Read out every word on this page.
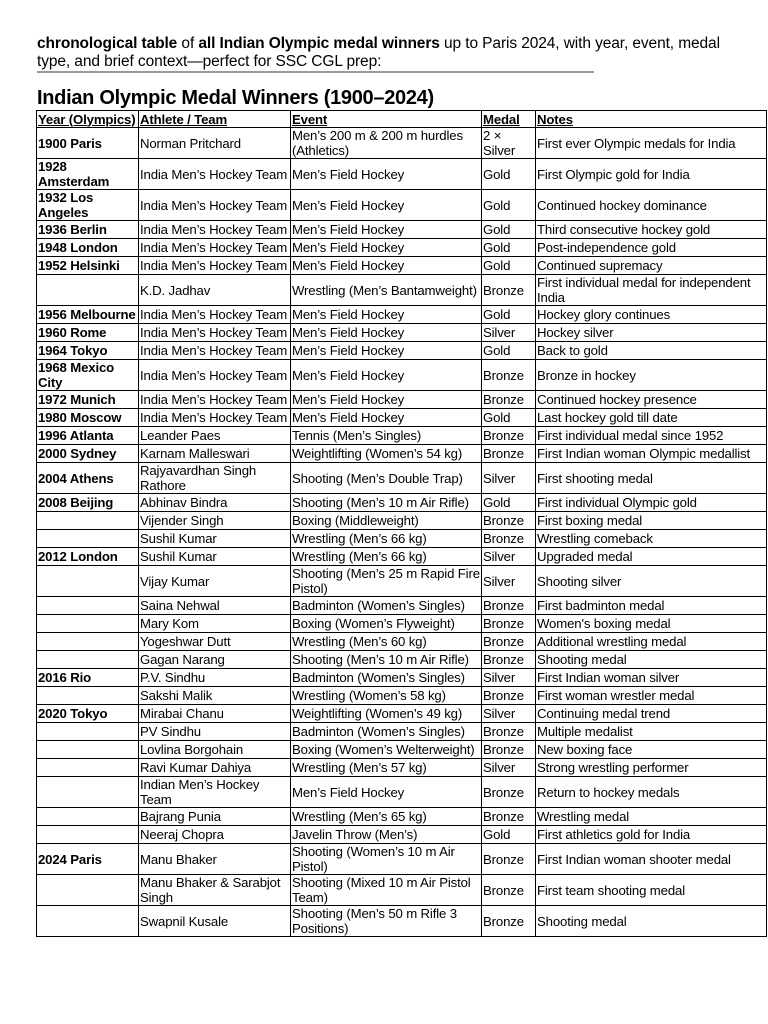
chronological table of all Indian Olympic medal winners up to Paris 2024, with year, event, medal type, and brief context—perfect for SSC CGL prep:
Indian Olympic Medal Winners (1900–2024)
Year (Olympics)	Athlete / Team	Event	Medal	Notes
1900 Paris	Norman Pritchard	Men’s 200 m & 200 m hurdles (Athletics)	2 × Silver	First ever Olympic medals for India
1928 Amsterdam	India Men’s Hockey Team	Men’s Field Hockey	Gold	First Olympic gold for India
1932 Los Angeles	India Men’s Hockey Team	Men’s Field Hockey	Gold	Continued hockey dominance
1936 Berlin	India Men’s Hockey Team	Men’s Field Hockey	Gold	Third consecutive hockey gold
1948 London	India Men’s Hockey Team	Men’s Field Hockey	Gold	Post-independence gold
1952 Helsinki	India Men’s Hockey Team	Men’s Field Hockey	Gold	Continued supremacy
	K.D. Jadhav	Wrestling (Men’s Bantamweight)	Bronze	First individual medal for independent India
1956 Melbourne	India Men’s Hockey Team	Men’s Field Hockey	Gold	Hockey glory continues
1960 Rome	India Men’s Hockey Team	Men’s Field Hockey	Silver	Hockey silver
1964 Tokyo	India Men’s Hockey Team	Men’s Field Hockey	Gold	Back to gold
1968 Mexico City	India Men’s Hockey Team	Men’s Field Hockey	Bronze	Bronze in hockey
1972 Munich	India Men’s Hockey Team	Men’s Field Hockey	Bronze	Continued hockey presence
1980 Moscow	India Men’s Hockey Team	Men’s Field Hockey	Gold	Last hockey gold till date
1996 Atlanta	Leander Paes	Tennis (Men’s Singles)	Bronze	First individual medal since 1952
2000 Sydney	Karnam Malleswari	Weightlifting (Women’s 54 kg)	Bronze	First Indian woman Olympic medallist
2004 Athens	Rajyavardhan Singh Rathore	Shooting (Men’s Double Trap)	Silver	First shooting medal
2008 Beijing	Abhinav Bindra	Shooting (Men’s 10 m Air Rifle)	Gold	First individual Olympic gold
	Vijender Singh	Boxing (Middleweight)	Bronze	First boxing medal
	Sushil Kumar	Wrestling (Men’s 66 kg)	Bronze	Wrestling comeback
2012 London	Sushil Kumar	Wrestling (Men’s 66 kg)	Silver	Upgraded medal
	Vijay Kumar	Shooting (Men’s 25 m Rapid Fire Pistol)	Silver	Shooting silver
	Saina Nehwal	Badminton (Women’s Singles)	Bronze	First badminton medal
	Mary Kom	Boxing (Women’s Flyweight)	Bronze	Women's boxing medal
	Yogeshwar Dutt	Wrestling (Men’s 60 kg)	Bronze	Additional wrestling medal
	Gagan Narang	Shooting (Men’s 10 m Air Rifle)	Bronze	Shooting medal
2016 Rio	P.V. Sindhu	Badminton (Women’s Singles)	Silver	First Indian woman silver
	Sakshi Malik	Wrestling (Women’s 58 kg)	Bronze	First woman wrestler medal
2020 Tokyo	Mirabai Chanu	Weightlifting (Women’s 49 kg)	Silver	Continuing medal trend
	PV Sindhu	Badminton (Women’s Singles)	Bronze	Multiple medalist
	Lovlina Borgohain	Boxing (Women’s Welterweight)	Bronze	New boxing face
	Ravi Kumar Dahiya	Wrestling (Men’s 57 kg)	Silver	Strong wrestling performer
	Indian Men’s Hockey Team	Men’s Field Hockey	Bronze	Return to hockey medals
	Bajrang Punia	Wrestling (Men’s 65 kg)	Bronze	Wrestling medal
	Neeraj Chopra	Javelin Throw (Men’s)	Gold	First athletics gold for India
2024 Paris	Manu Bhaker	Shooting (Women’s 10 m Air Pistol)	Bronze	First Indian woman shooter medal
	Manu Bhaker & Sarabjot Singh	Shooting (Mixed 10 m Air Pistol Team)	Bronze	First team shooting medal
	Swapnil Kusale	Shooting (Men’s 50 m Rifle 3 Positions)	Bronze	Shooting medal
